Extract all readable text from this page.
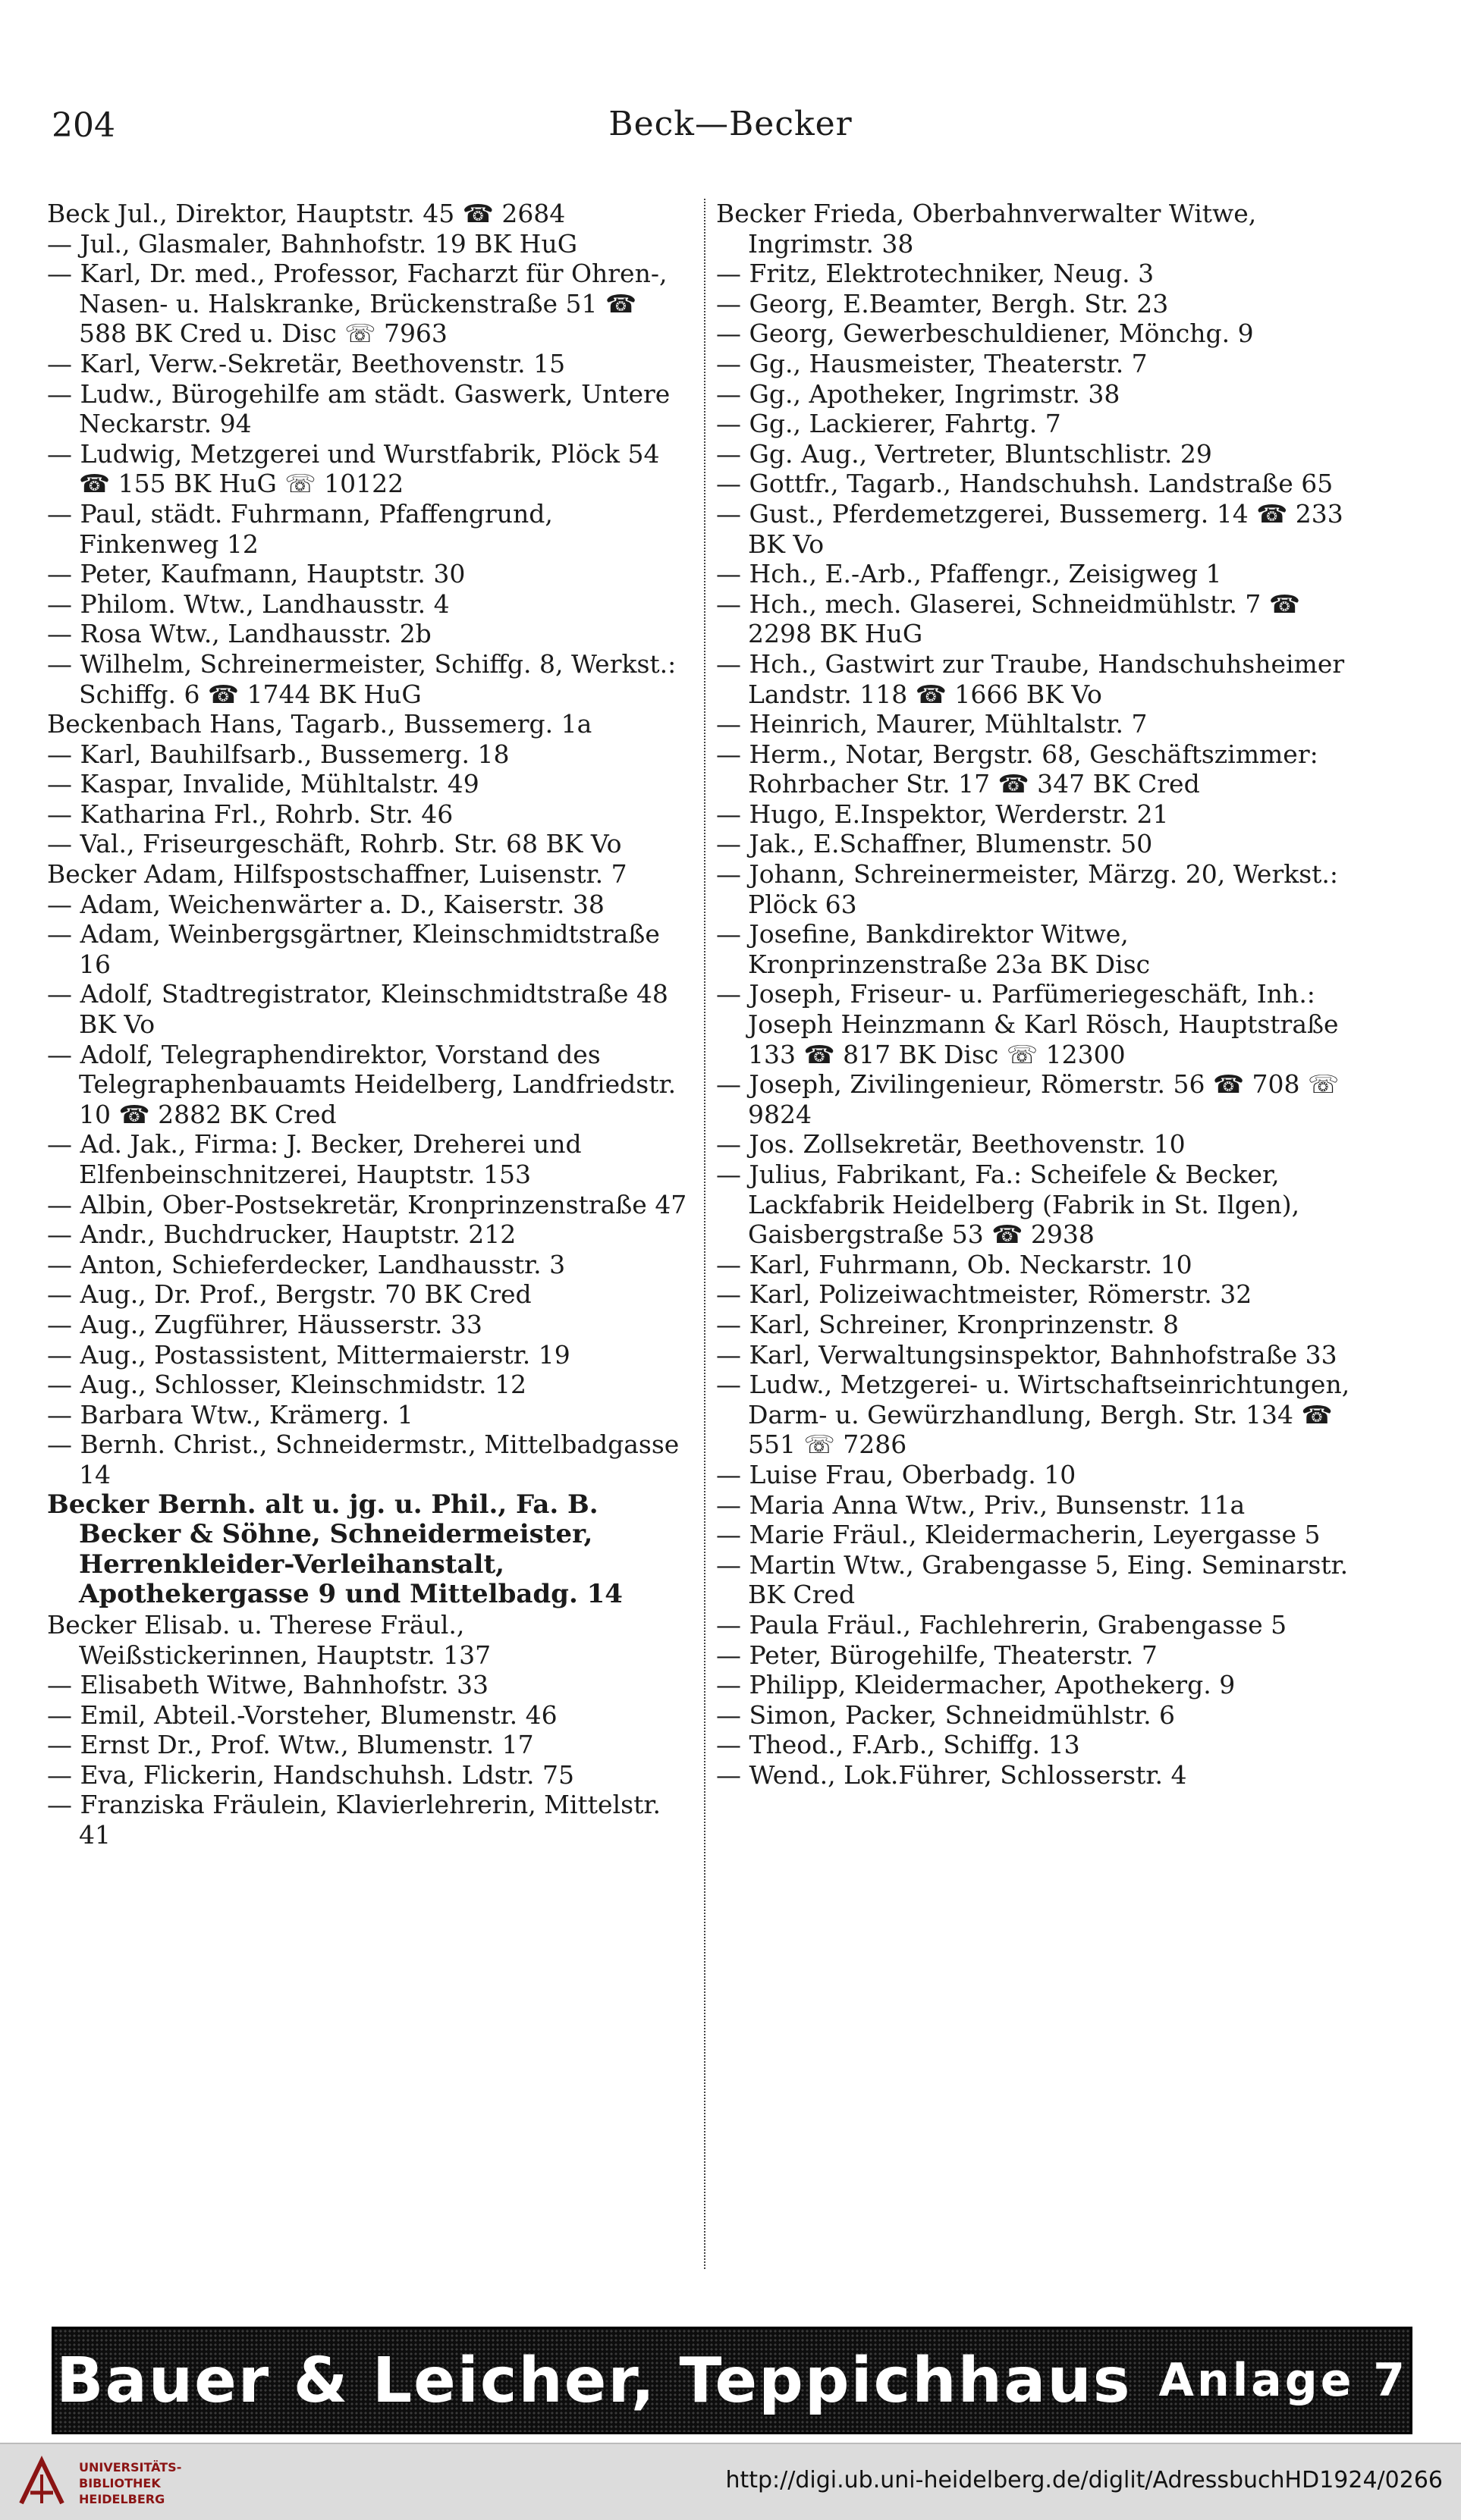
204	Beck—Becker
Beck Jul., Direktor, Hauptstr. 45 ☎ 2684
— Jul., Glasmaler, Bahnhofstr. 19 BK HuG
— Karl, Dr. med., Professor, Facharzt für Ohren-, Nasen- u. Halskranke, Brückenstraße 51 ☎ 588 BK Cred u. Disc ☏ 7963
— Karl, Verw.-Sekretär, Beethovenstr. 15
— Ludw., Bürogehilfe am städt. Gaswerk, Untere Neckarstr. 94
— Ludwig, Metzgerei und Wurstfabrik, Plöck 54 ☎ 155 BK HuG ☏ 10122
— Paul, städt. Fuhrmann, Pfaffengrund, Finkenweg 12
— Peter, Kaufmann, Hauptstr. 30
— Philom. Wtw., Landhausstr. 4
— Rosa Wtw., Landhausstr. 2b
— Wilhelm, Schreinermeister, Schiffg. 8, Werkst.: Schiffg. 6 ☎ 1744 BK HuG
Beckenbach Hans, Tagarb., Bussemerg. 1a
— Karl, Bauhilfsarb., Bussemerg. 18
— Kaspar, Invalide, Mühltalstr. 49
— Katharina Frl., Rohrb. Str. 46
— Val., Friseurgeschäft, Rohrb. Str. 68 BK Vo
Becker Adam, Hilfspostschaffner, Luisenstr. 7
— Adam, Weichenwärter a. D., Kaiserstr. 38
— Adam, Weinbergsgärtner, Kleinschmidtstraße 16
— Adolf, Stadtregistrator, Kleinschmidtstraße 48 BK Vo
— Adolf, Telegraphendirektor, Vorstand des Telegraphenbauamts Heidelberg, Landfriedstr. 10 ☎ 2882 BK Cred
— Ad. Jak., Firma: J. Becker, Dreherei und Elfenbeinschnitzerei, Hauptstr. 153
— Albin, Ober-Postsekretär, Kronprinzenstraße 47
— Andr., Buchdrucker, Hauptstr. 212
— Anton, Schieferdecker, Landhausstr. 3
— Aug., Dr. Prof., Bergstr. 70 BK Cred
— Aug., Zugführer, Häusserstr. 33
— Aug., Postassistent, Mittermaierstr. 19
— Aug., Schlosser, Kleinschmidstr. 12
— Barbara Wtw., Krämerg. 1
— Bernh. Christ., Schneidermstr., Mittelbadgasse 14
Becker Bernh. alt u. jg. u. Phil., Fa. B. Becker & Söhne, Schneidermeister, Herrenkleider-Verleihanstalt, Apothekergasse 9 und Mittelbadg. 14
Becker Elisab. u. Therese Fräul., Weißstickerinnen, Hauptstr. 137
— Elisabeth Witwe, Bahnhofstr. 33
— Emil, Abteil.-Vorsteher, Blumenstr. 46
— Ernst Dr., Prof. Wtw., Blumenstr. 17
— Eva, Flickerin, Handschuhsh. Ldstr. 75
— Franziska Fräulein, Klavierlehrerin, Mittelstr. 41
Becker Frieda, Oberbahnverwalter Witwe, Ingrimstr. 38
— Fritz, Elektrotechniker, Neug. 3
— Georg, E.Beamter, Bergh. Str. 23
— Georg, Gewerbeschuldiener, Mönchg. 9
— Gg., Hausmeister, Theaterstr. 7
— Gg., Apotheker, Ingrimstr. 38
— Gg., Lackierer, Fahrtg. 7
— Gg. Aug., Vertreter, Bluntschlistr. 29
— Gottfr., Tagarb., Handschuhsh. Landstraße 65
— Gust., Pferdemetzgerei, Bussemerg. 14 ☎ 233 BK Vo
— Hch., E.-Arb., Pfaffengr., Zeisigweg 1
— Hch., mech. Glaserei, Schneidmühlstr. 7 ☎ 2298 BK HuG
— Hch., Gastwirt zur Traube, Handschuhsheimer Landstr. 118 ☎ 1666 BK Vo
— Heinrich, Maurer, Mühltalstr. 7
— Herm., Notar, Bergstr. 68, Geschäftszimmer: Rohrbacher Str. 17 ☎ 347 BK Cred
— Hugo, E.Inspektor, Werderstr. 21
— Jak., E.Schaffner, Blumenstr. 50
— Johann, Schreinermeister, Märzg. 20, Werkst.: Plöck 63
— Josefine, Bankdirektor Witwe, Kronprinzenstraße 23a BK Disc
— Joseph, Friseur- u. Parfümeriegeschäft, Inh.: Joseph Heinzmann & Karl Rösch, Hauptstraße 133 ☎ 817 BK Disc ☏ 12300
— Joseph, Zivilingenieur, Römerstr. 56 ☎ 708 ☏ 9824
— Jos. Zollsekretär, Beethovenstr. 10
— Julius, Fabrikant, Fa.: Scheifele & Becker, Lackfabrik Heidelberg (Fabrik in St. Ilgen), Gaisbergstraße 53 ☎ 2938
— Karl, Fuhrmann, Ob. Neckarstr. 10
— Karl, Polizeiwachtmeister, Römerstr. 32
— Karl, Schreiner, Kronprinzenstr. 8
— Karl, Verwaltungsinspektor, Bahnhofstraße 33
— Ludw., Metzgerei- u. Wirtschaftseinrichtungen, Darm- u. Gewürzhandlung, Bergh. Str. 134 ☎ 551 ☏ 7286
— Luise Frau, Oberbadg. 10
— Maria Anna Wtw., Priv., Bunsenstr. 11a
— Marie Fräul., Kleidermacherin, Leyergasse 5
— Martin Wtw., Grabengasse 5, Eing. Seminarstr. BK Cred
— Paula Fräul., Fachlehrerin, Grabengasse 5
— Peter, Bürogehilfe, Theaterstr. 7
— Philipp, Kleidermacher, Apothekerg. 9
— Simon, Packer, Schneidmühlstr. 6
— Theod., F.Arb., Schiffg. 13
— Wend., Lok.Führer, Schlosserstr. 4
Bauer & Leicher, Teppichhaus Anlage 7
UNIVERSITÄTS-
BIBLIOTHEK
HEIDELBERG
http://digi.ub.uni-heidelberg.de/diglit/AdressbuchHD1924/0266
